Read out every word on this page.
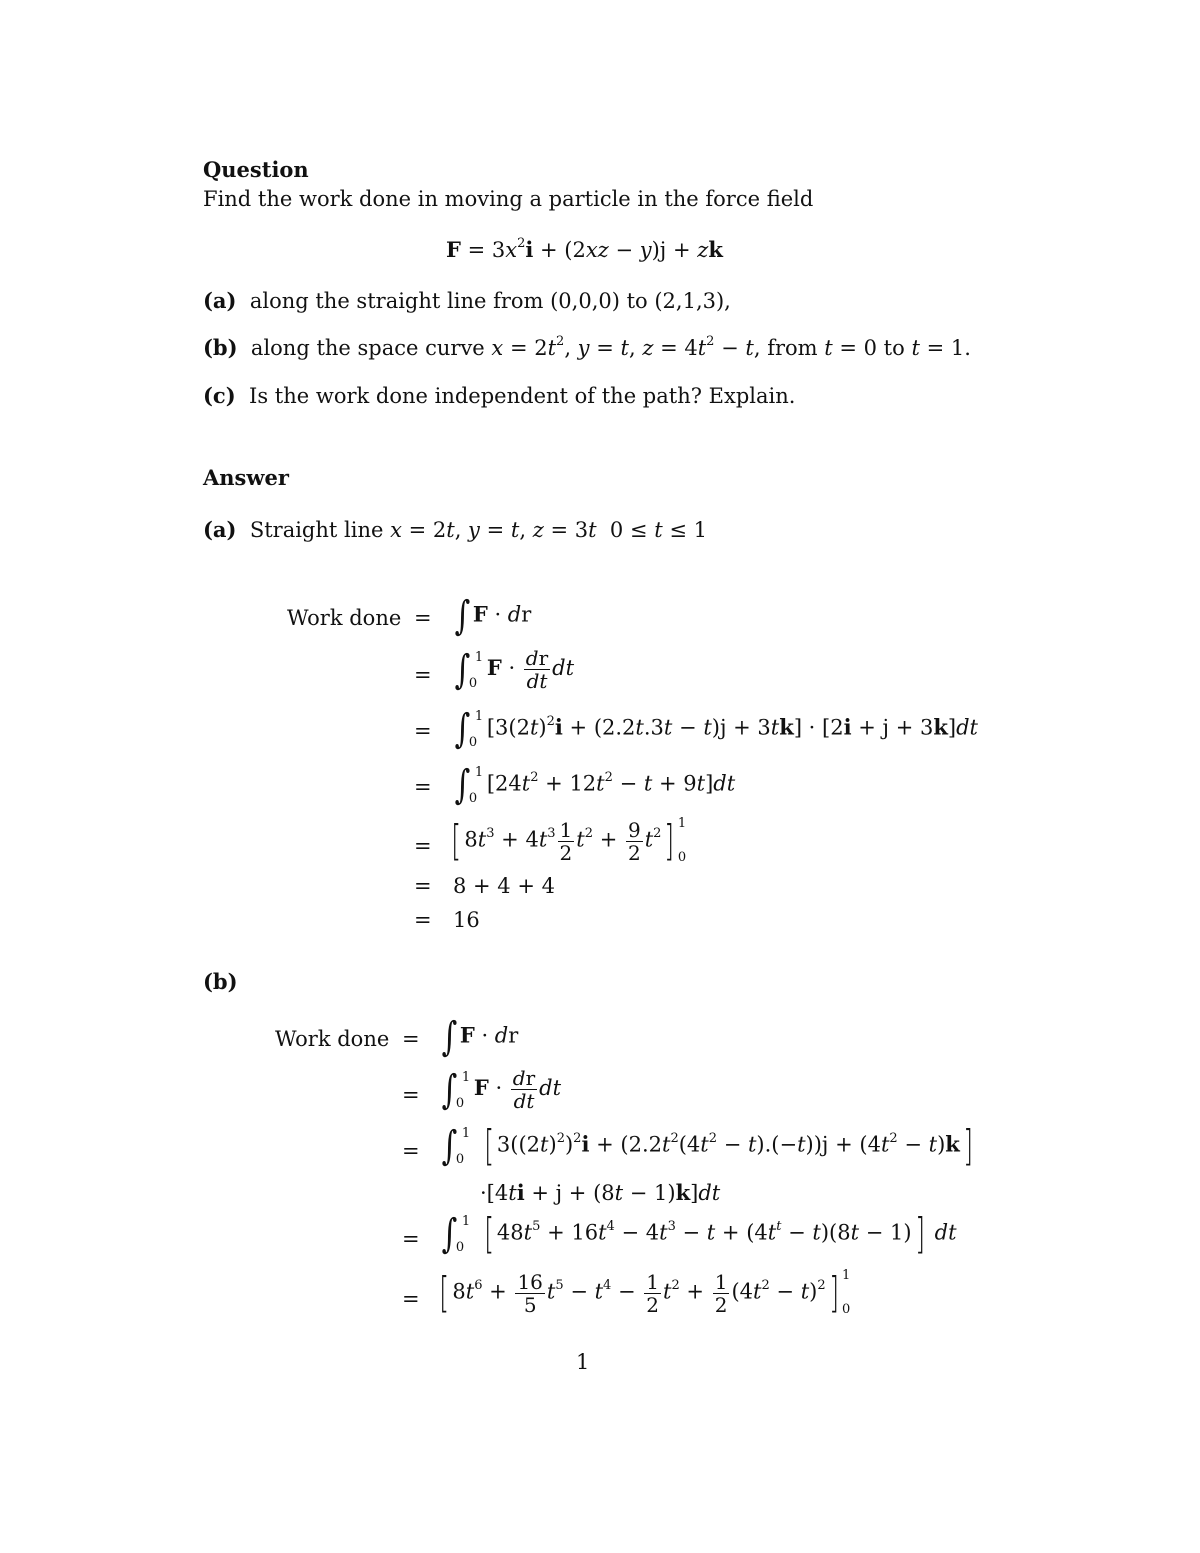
Question
Find the work done in moving a particle in the force field
$F = 3x^2i + (2xz - y)j$ + zk
(a) along the straight line from (0,0,0) to (2,1,3),
(b) along the space curve $x = 2t^2$, y = t, $z = 4t^2 - t$, from t = 0 to t = 1.
(c) Is the work done independent of the path? Explain.
Answer
(a)  Straight line x = 2t, y = t, z = 3t  0 ≤ t ≤ 1
Work done = ∫ F · dr
= ∫ 1
0
$F \cdot \frac{dr}{dt}$ dt
= ∫ 1
0
$[3(2t)^2i + (2.2t.3t - t)j + 3tk] \cdot [2i + j + 3k]dt$
= ∫ 1
0
$[24t^2 + 12t^2 - t + 9t]dt$
= [ $8t^3 + 4t^3 \frac{1}{2} t^2 + \frac{9}{2} t^2$] 1
0
= 8 + 4 + 4
= 16
(b)
Work done = ∫ F · dr
= ∫ 1
0
$F \cdot \frac{dr}{dt}$ dt
= ∫ 1
0 [ $3((2t)^2)^2i + (2.2t^2(4t^2 - t).(-t))j + (4t^2 - t)k$]
·[4ti + j + (8t − 1)k]dt
= ∫ 1
0 [ $48t^5 + 16t^4 - 4t^3 - t + (4t^t - t)(8t - 1)$] dt
= [ $8t^6 + \frac{16}{5} t^5 - t^4 - \frac{1}{2} t^2 + \frac{1}{2} (4t^2 - t)^2$] 1
0
1
